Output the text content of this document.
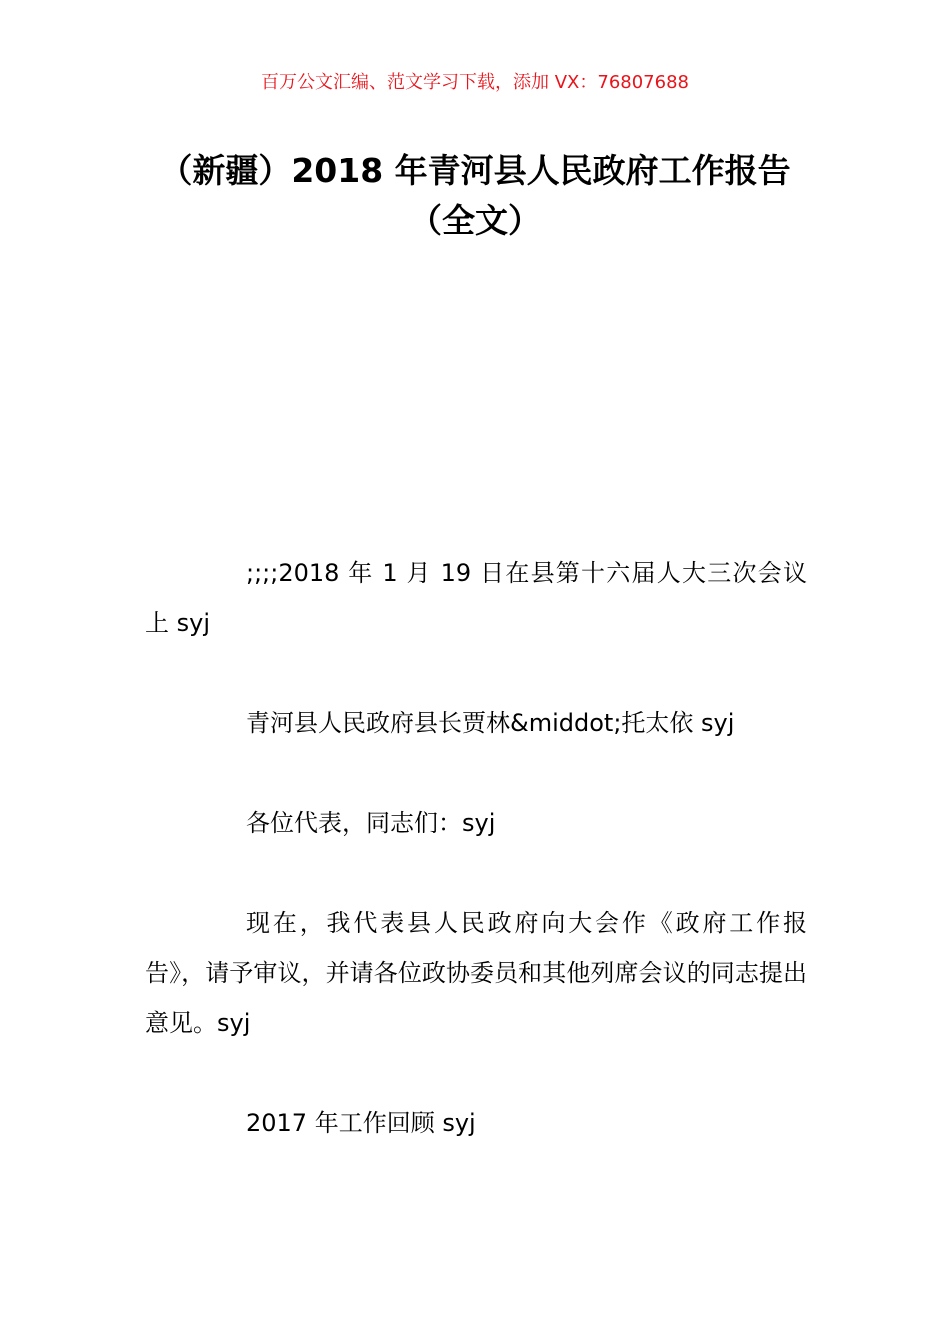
百万公文汇编、范文学习下载，添加 VX：76807688
（新疆）2018 年青河县人民政府工作报告（全文）

;;;;2018 年 1 月 19 日在县第十六届人大三次会议上 syj

青河县人民政府县长贾林&middot;托太依 syj

各位代表，同志们：syj

现在，我代表县人民政府向大会作《政府工作报告》，请予审议，并请各位政协委员和其他列席会议的同志提出意见。syj

2017 年工作回顾 syj
